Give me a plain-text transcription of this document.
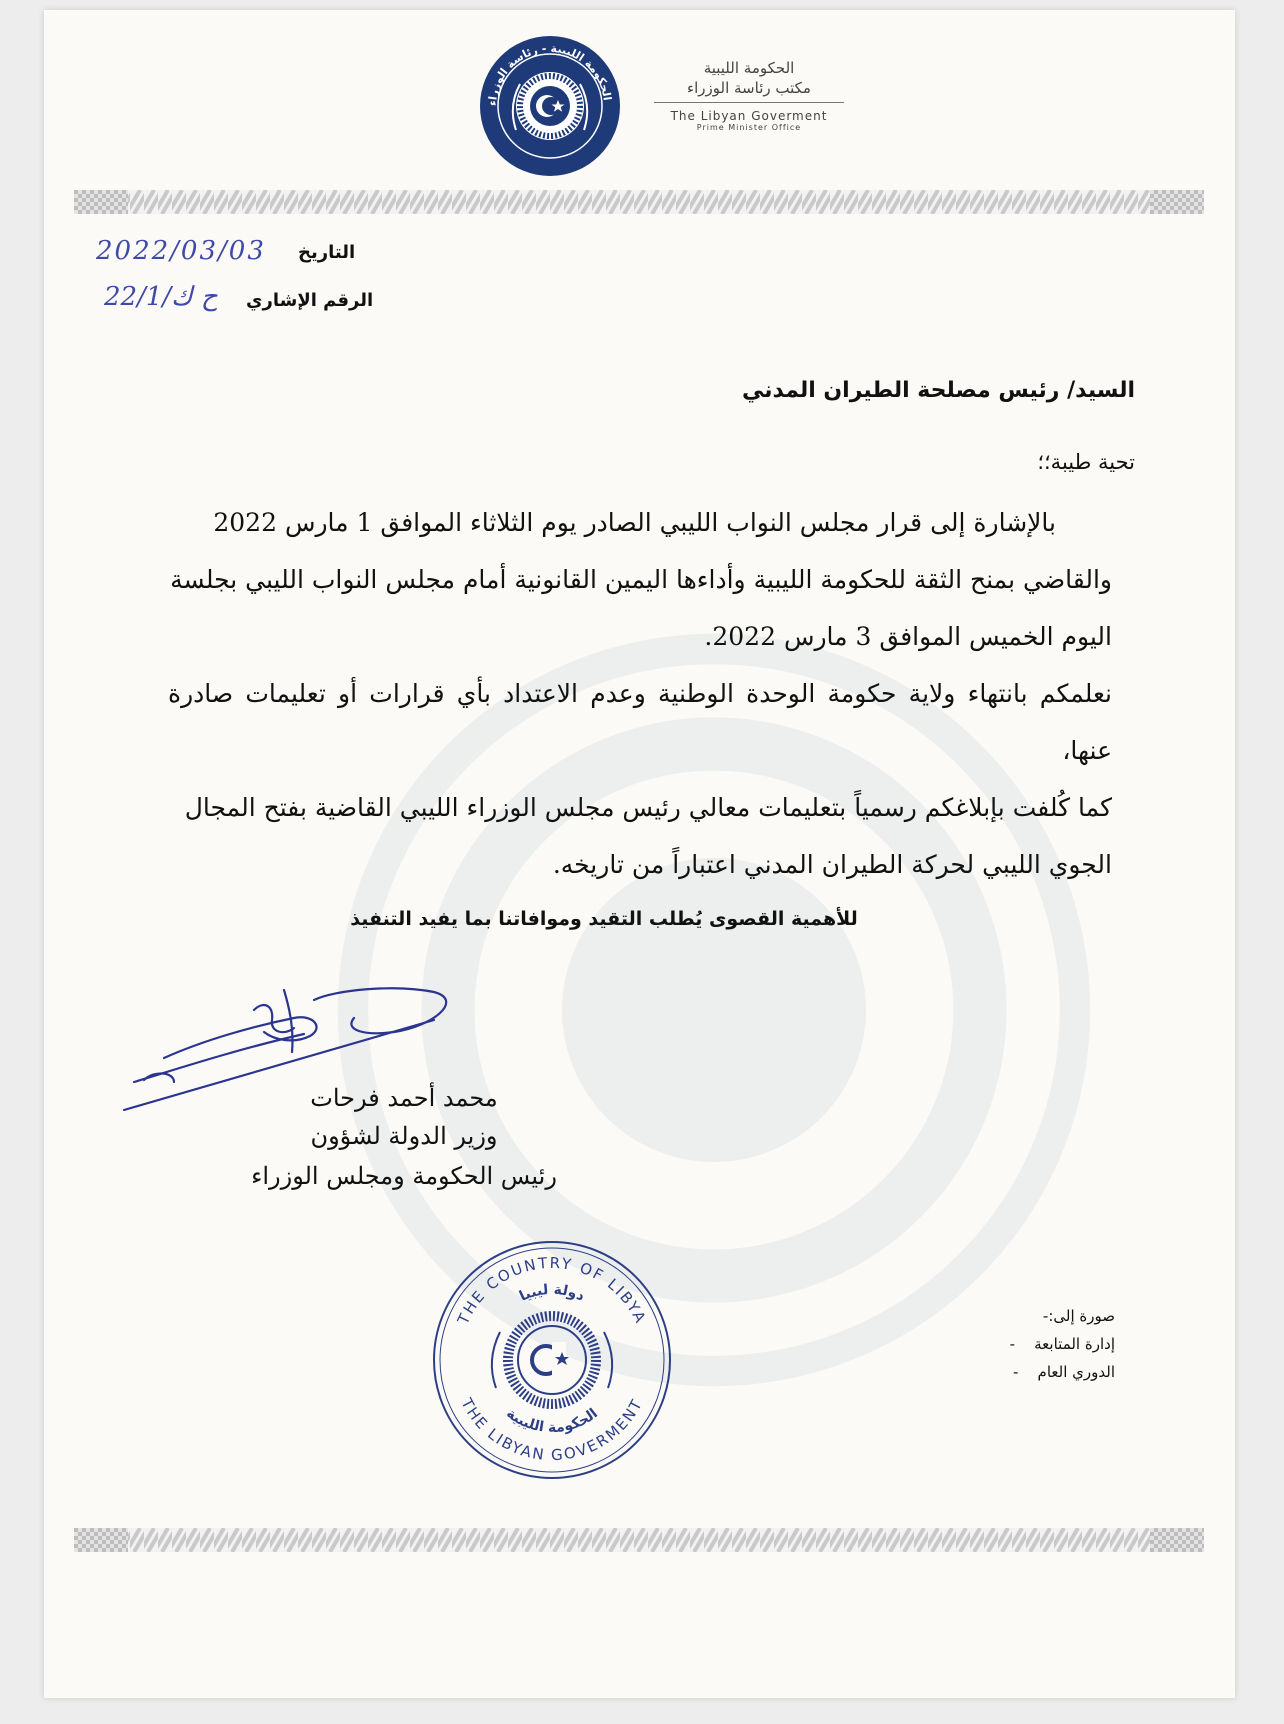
الحكومة الليبية - رئاسة الوزراء
الحكومة الليبية
مكتب رئاسة الوزراء
The Libyan Goverment
Prime Minister Office
التاريخ
2022/03/03
الرقم الإشاري
22/1/ح ك
السيد/ رئيس مصلحة الطيران المدني
تحية طيبة؛؛
بالإشارة إلى قرار مجلس النواب الليبي الصادر يوم الثلاثاء الموافق 1 مارس 2022
والقاضي بمنح الثقة للحكومة الليبية وأداءها اليمين القانونية أمام مجلس النواب الليبي بجلسة
اليوم الخميس الموافق 3 مارس 2022.
نعلمكم بانتهاء ولاية حكومة الوحدة الوطنية وعدم الاعتداد بأي قرارات أو تعليمات صادرة عنها،
كما كُلفت بإبلاغكم رسمياً بتعليمات معالي رئيس مجلس الوزراء الليبي القاضية بفتح المجال
الجوي الليبي لحركة الطيران المدني اعتباراً من تاريخه.
للأهمية القصوى يُطلب التقيد وموافاتنا بما يفيد التنفيذ
محمد أحمد فرحات
وزير الدولة لشؤون
رئيس الحكومة ومجلس الوزراء
THE COUNTRY OF LIBYA
THE LIBYAN GOVERMENT
دولة ليبيا
الحكومة الليبية
صورة إلى:-
إدارة المتابعة    -
الدوري العام    -
